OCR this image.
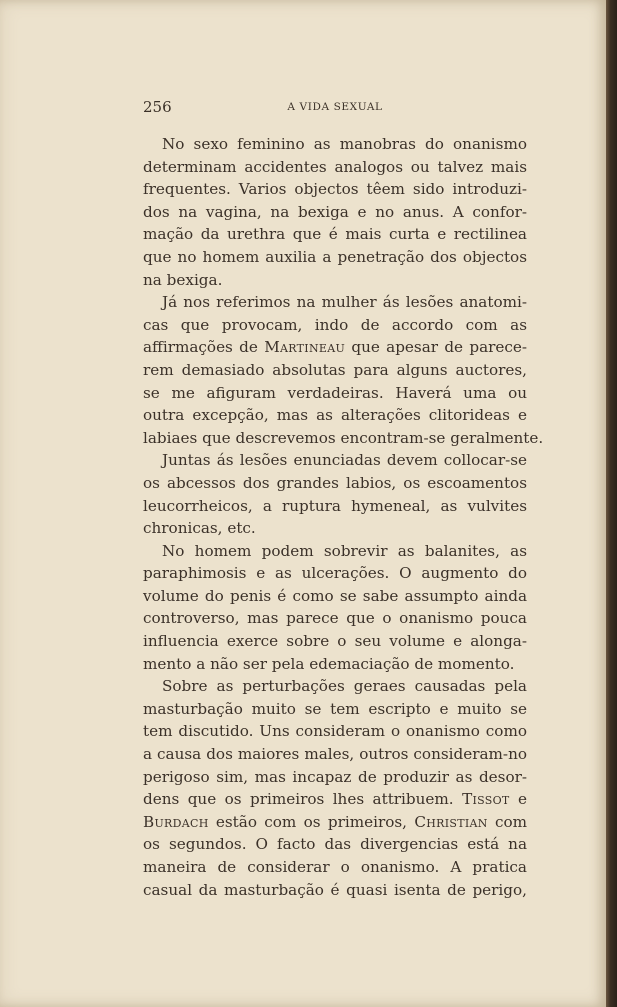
256	A VIDA SEXUAL
No sexo feminino as manobras do onanismo
determinam accidentes analogos ou talvez mais
frequentes. Varios objectos têem sido introduzi-
dos na vagina, na bexiga e no anus. A confor-
mação da urethra que é mais curta e rectilinea
que no homem auxilia a penetração dos objectos
na bexiga.
Já nos referimos na mulher ás lesões anatomi-
cas que provocam, indo de accordo com as
affirmações de Martineau que apesar de parece-
rem demasiado absolutas para alguns auctores,
se me afiguram verdadeiras. Haverá uma ou
outra excepção, mas as alterações clitorideas e
labiaes que descrevemos encontram-se geralmente.
Juntas ás lesões enunciadas devem collocar-se
os abcessos dos grandes labios, os escoamentos
leucorrheicos, a ruptura hymeneal, as vulvites
chronicas, etc.
No homem podem sobrevir as balanites, as
paraphimosis e as ulcerações. O augmento do
volume do penis é como se sabe assumpto ainda
controverso, mas parece que o onanismo pouca
influencia exerce sobre o seu volume e alonga-
mento a não ser pela edemaciação de momento.
Sobre as perturbações geraes causadas pela
masturbação muito se tem escripto e muito se
tem discutido. Uns consideram o onanismo como
a causa dos maiores males, outros consideram-no
perigoso sim, mas incapaz de produzir as desor-
dens que os primeiros lhes attribuem. Tissot e
Burdach estão com os primeiros, Christian com
os segundos. O facto das divergencias está na
maneira de considerar o onanismo. A pratica
casual da masturbação é quasi isenta de perigo,
